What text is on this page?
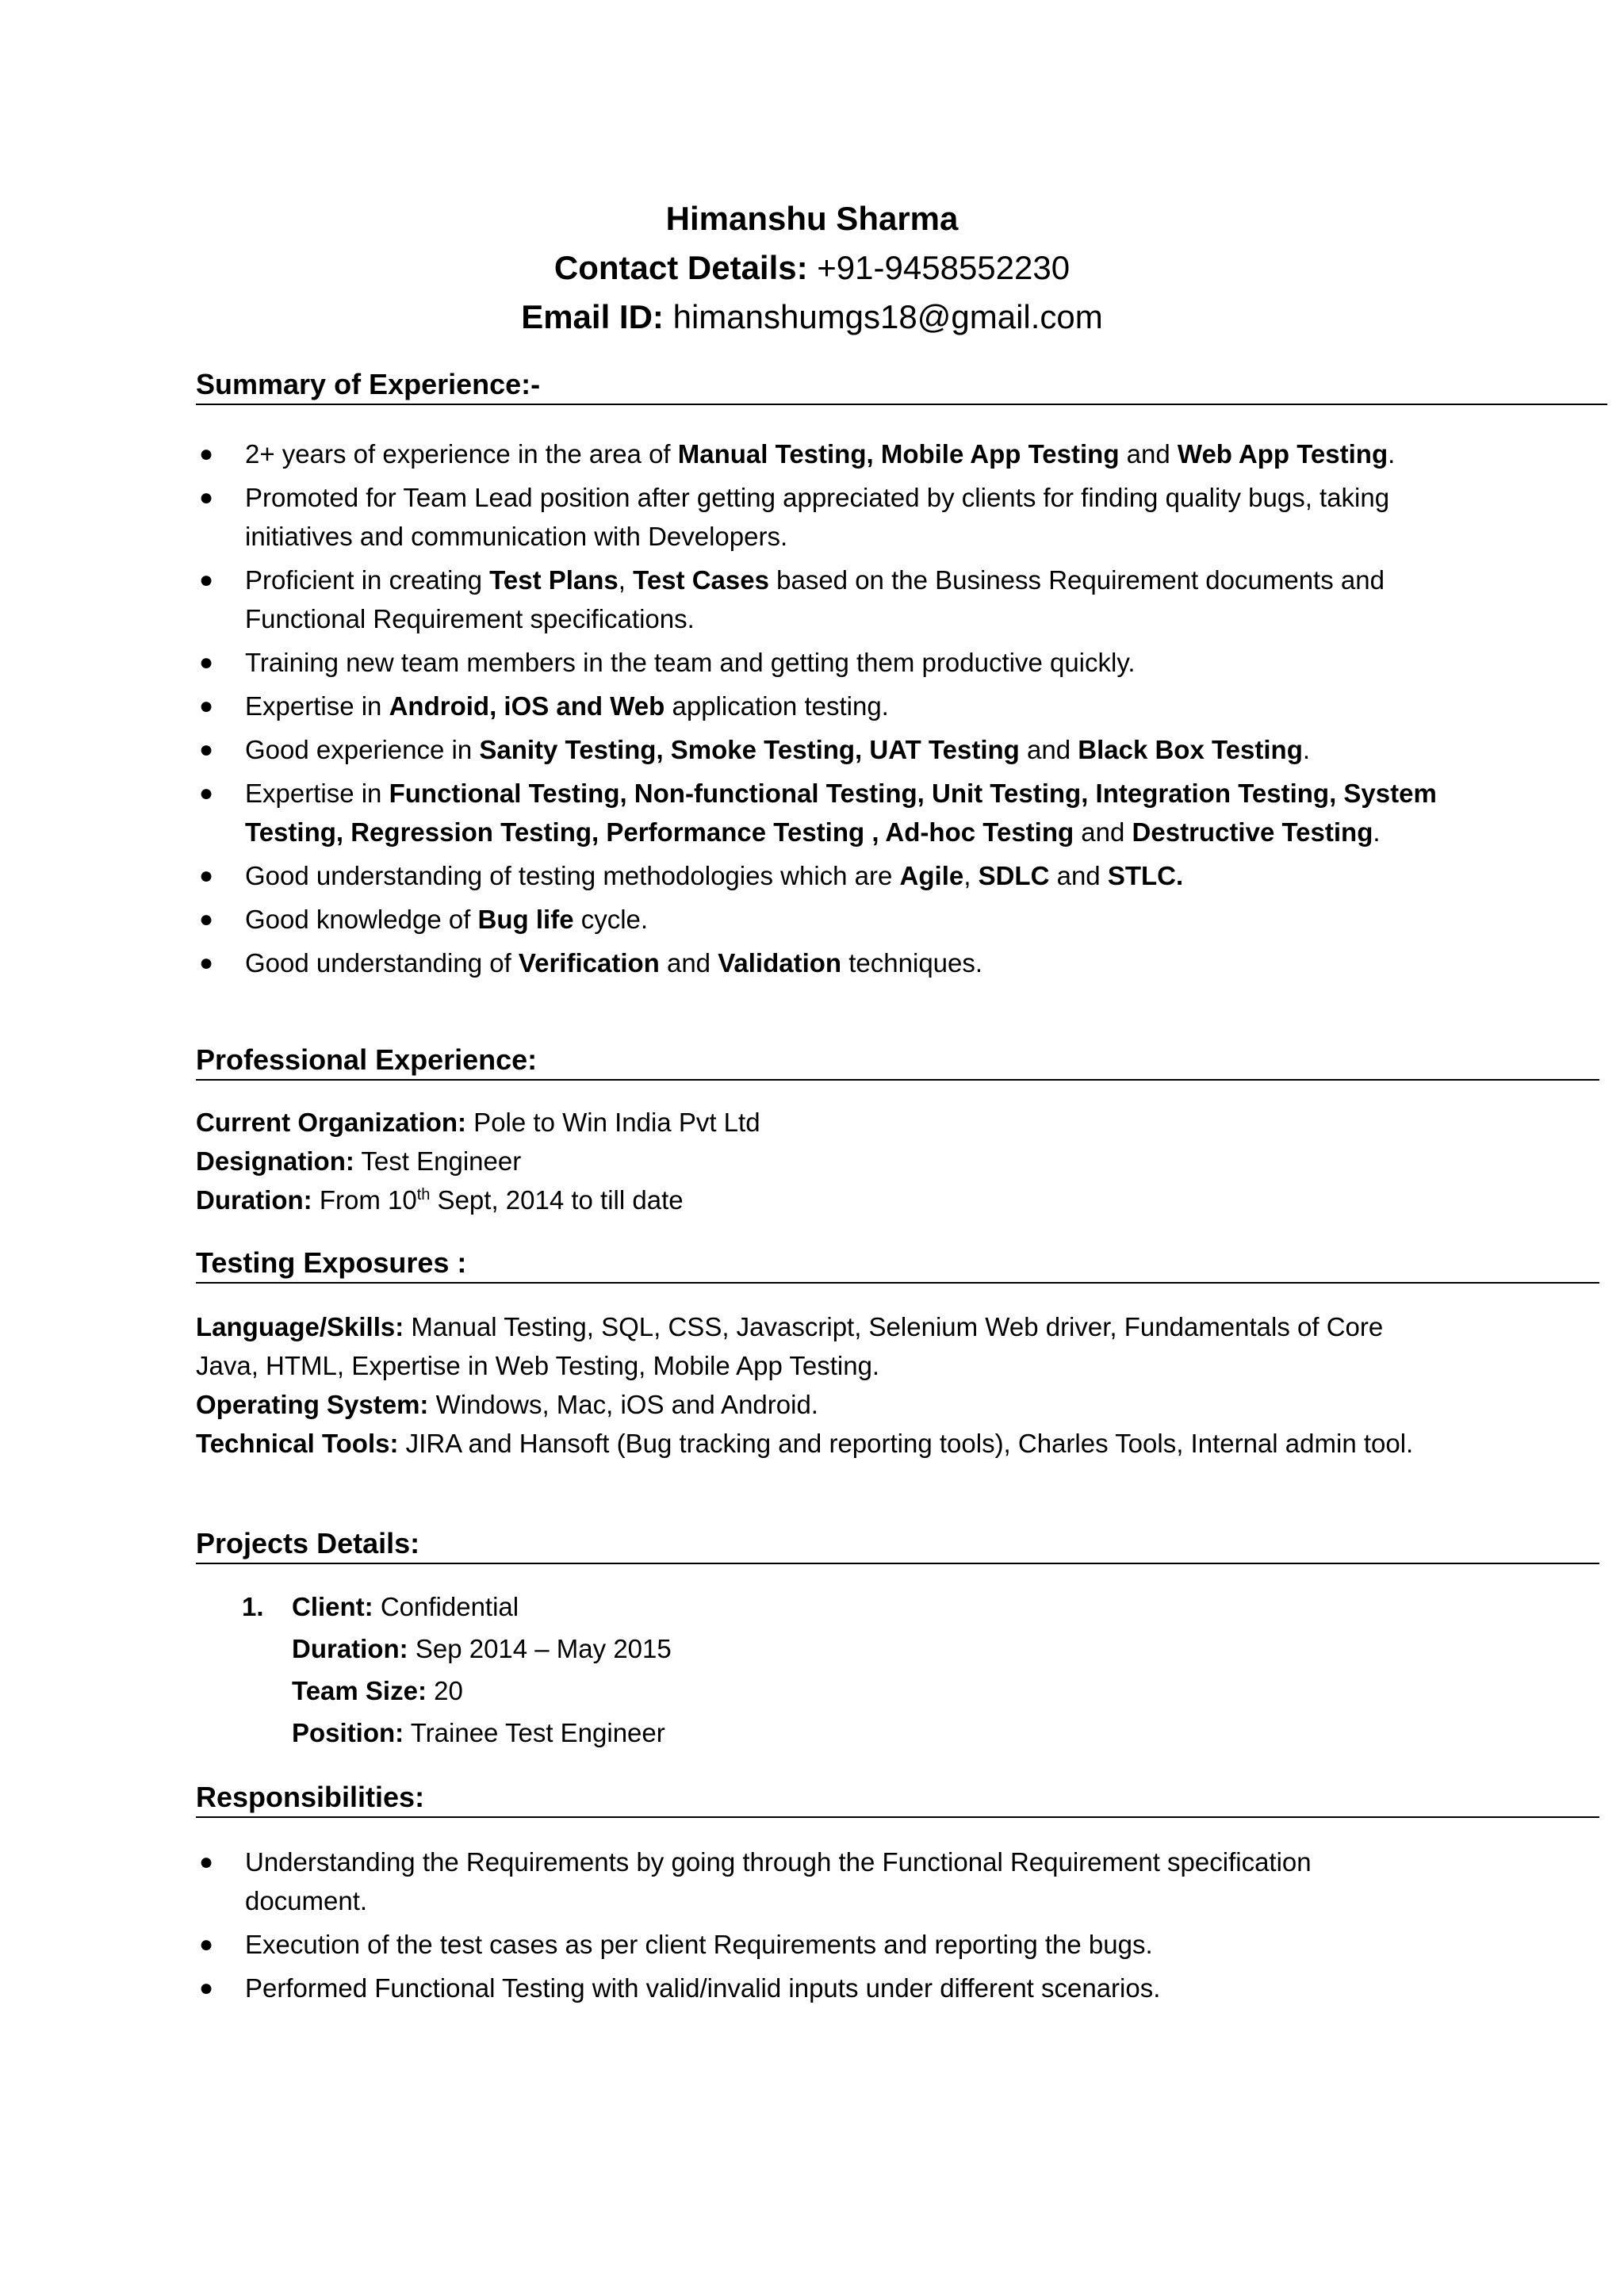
Himanshu Sharma
Contact Details: +91-9458552230
Email ID: himanshumgs18@gmail.com
Summary of Experience:-
● 2+ years of experience in the area of Manual Testing, Mobile App Testing and Web App Testing.
● Promoted for Team Lead position after getting appreciated by clients for finding quality bugs, taking initiatives and communication with Developers.
● Proficient in creating Test Plans, Test Cases based on the Business Requirement documents and Functional Requirement specifications.
● Training new team members in the team and getting them productive quickly.
● Expertise in Android, iOS and Web application testing.
● Good experience in Sanity Testing, Smoke Testing, UAT Testing and Black Box Testing.
● Expertise in Functional Testing, Non-functional Testing, Unit Testing, Integration Testing, System Testing, Regression Testing, Performance Testing , Ad-hoc Testing and Destructive Testing.
● Good understanding of testing methodologies which are Agile, SDLC and STLC.
● Good knowledge of Bug life cycle.
● Good understanding of Verification and Validation techniques.
Professional Experience:
Current Organization: Pole to Win India Pvt Ltd
Designation: Test Engineer
Duration: From 10th Sept, 2014 to till date
Testing Exposures :
Language/Skills: Manual Testing, SQL, CSS, Javascript, Selenium Web driver, Fundamentals of Core Java, HTML, Expertise in Web Testing, Mobile App Testing.
Operating System: Windows, Mac, iOS and Android.
Technical Tools: JIRA and Hansoft (Bug tracking and reporting tools), Charles Tools, Internal admin tool.
Projects Details:
1. Client: Confidential
Duration: Sep 2014 – May 2015
Team Size: 20
Position: Trainee Test Engineer
Responsibilities:
● Understanding the Requirements by going through the Functional Requirement specification document.
● Execution of the test cases as per client Requirements and reporting the bugs.
● Performed Functional Testing with valid/invalid inputs under different scenarios.
